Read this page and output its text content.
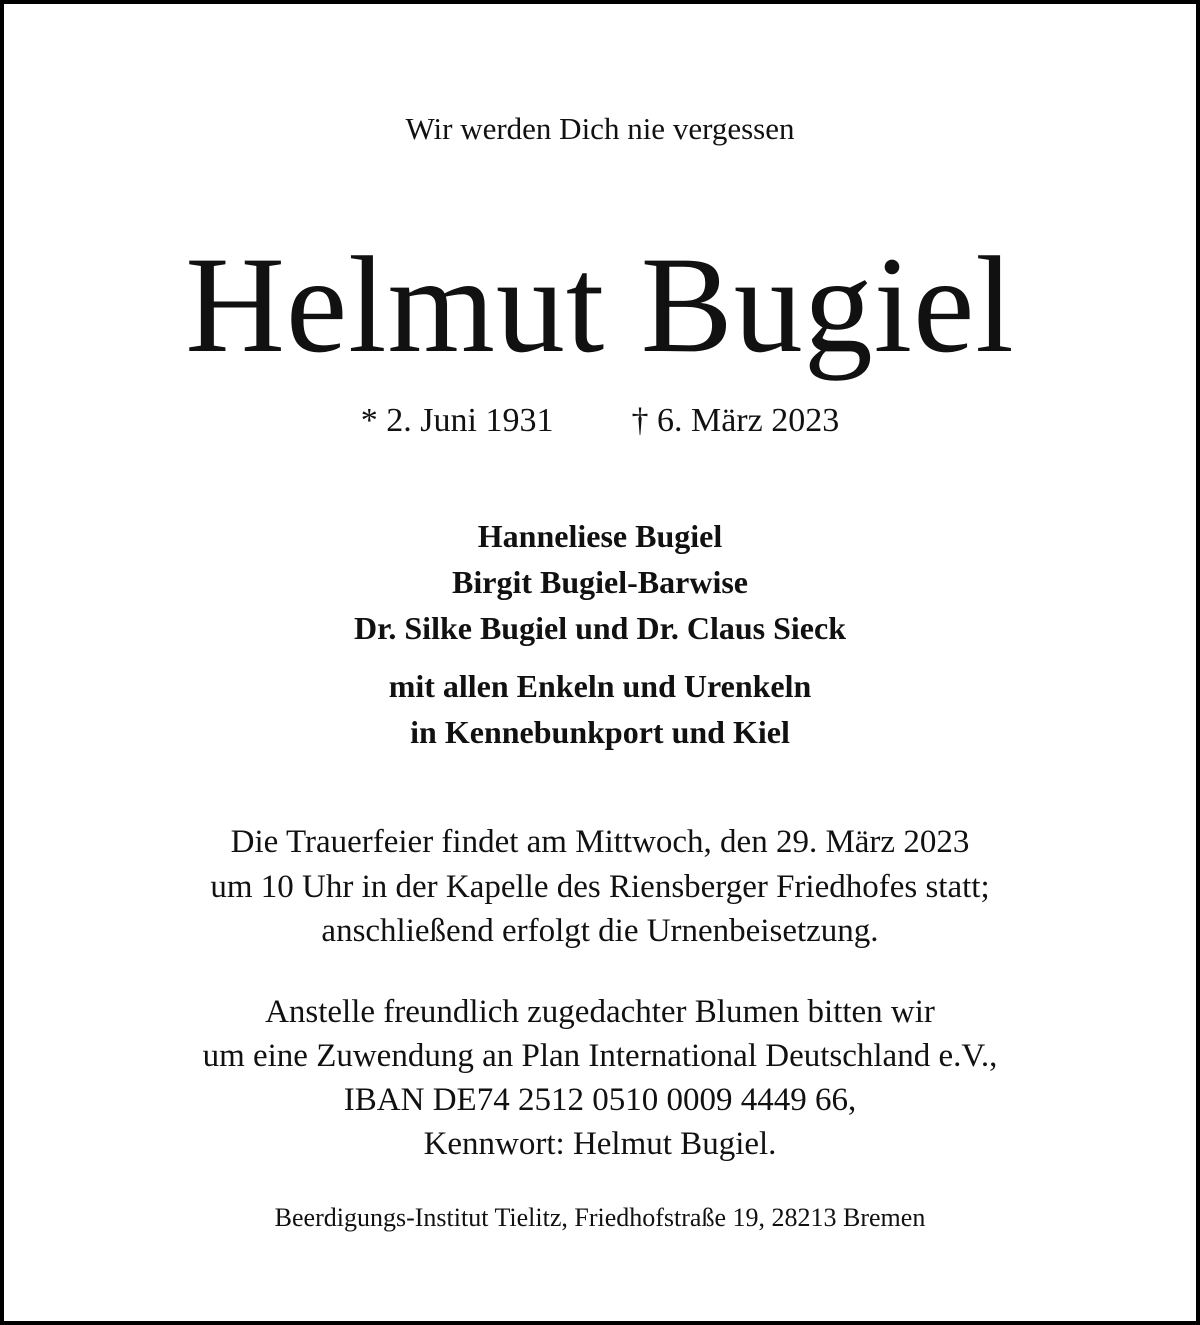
Wir werden Dich nie vergessen
Helmut Bugiel
* 2. Juni 1931 † 6. März 2023
Hanneliese Bugiel
Birgit Bugiel-Barwise
Dr. Silke Bugiel und Dr. Claus Sieck
mit allen Enkeln und Urenkeln
in Kennebunkport und Kiel
Die Trauerfeier findet am Mittwoch, den 29. März 2023
um 10 Uhr in der Kapelle des Riensberger Friedhofes statt;
anschließend erfolgt die Urnenbeisetzung.
Anstelle freundlich zugedachter Blumen bitten wir
um eine Zuwendung an Plan International Deutschland e.V.,
IBAN DE74 2512 0510 0009 4449 66,
Kennwort: Helmut Bugiel.
Beerdigungs-Institut Tielitz, Friedhofstraße 19, 28213 Bremen
